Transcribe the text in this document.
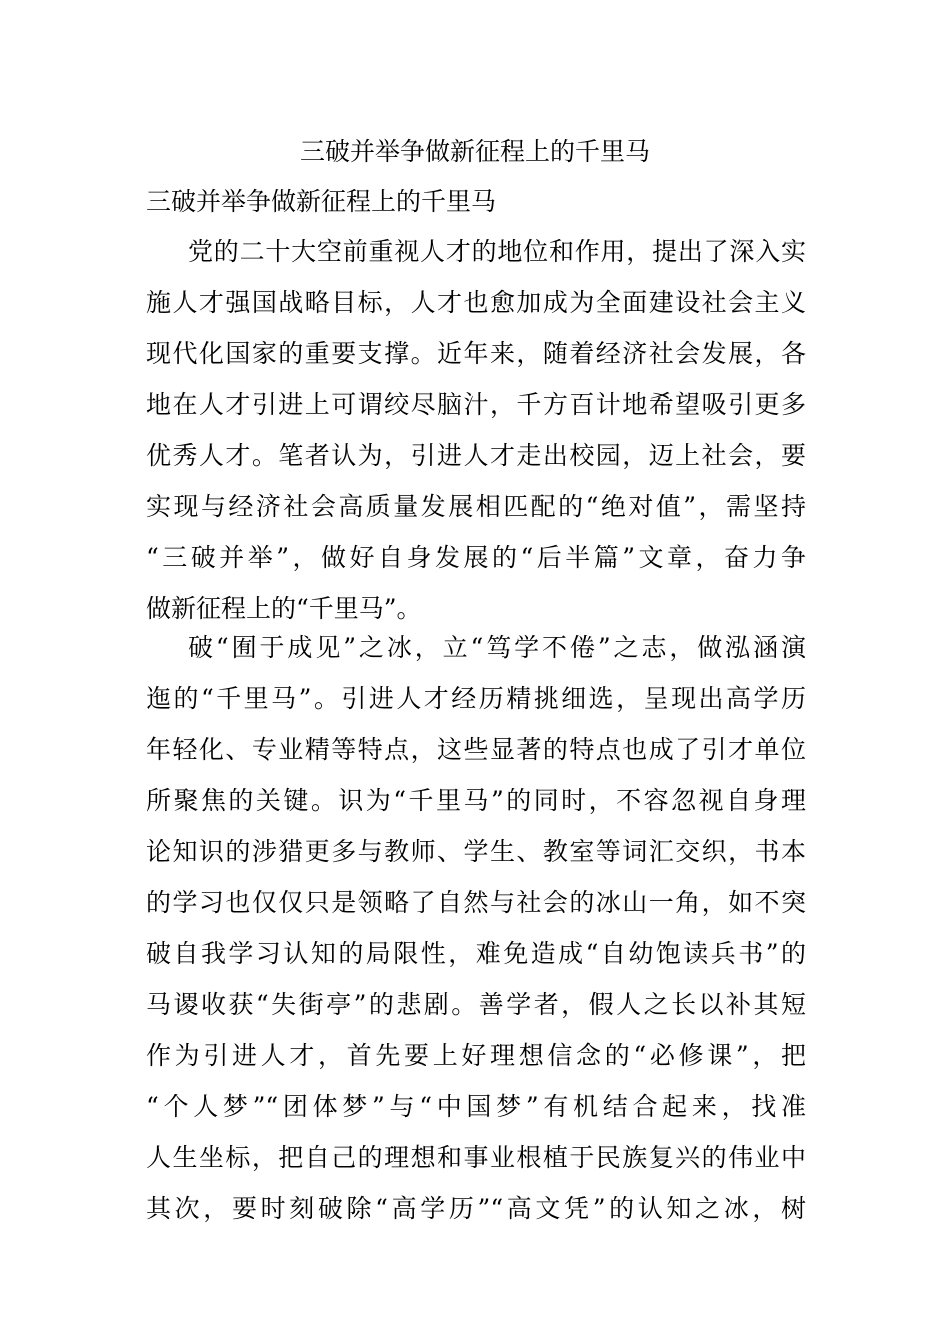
三破并举争做新征程上的千里马
三破并举争做新征程上的千里马
党的二十大空前重视人才的地位和作用，提出了深入实
施人才强国战略目标，人才也愈加成为全面建设社会主义
现代化国家的重要支撑。近年来，随着经济社会发展，各
地在人才引进上可谓绞尽脑汁，千方百计地希望吸引更多
优秀人才。笔者认为，引进人才走出校园，迈上社会，要
实现与经济社会高质量发展相匹配的“绝对值”，需坚持
“三破并举”，做好自身发展的“后半篇”文章，奋力争
做新征程上的“千里马”。
破“囿于成见”之冰，立“笃学不倦”之志，做泓涵演
迤的“千里马”。引进人才经历精挑细选，呈现出高学历
年轻化、专业精等特点，这些显著的特点也成了引才单位
所聚焦的关键。识为“千里马”的同时，不容忽视自身理
论知识的涉猎更多与教师、学生、教室等词汇交织，书本
的学习也仅仅只是领略了自然与社会的冰山一角，如不突
破自我学习认知的局限性，难免造成“自幼饱读兵书”的
马谡收获“失街亭”的悲剧。善学者，假人之长以补其短
作为引进人才，首先要上好理想信念的“必修课”，把
“个人梦”“团体梦”与“中国梦”有机结合起来，找准
人生坐标，把自己的理想和事业根植于民族复兴的伟业中
其次，要时刻破除“高学历”“高文凭”的认知之冰，树
